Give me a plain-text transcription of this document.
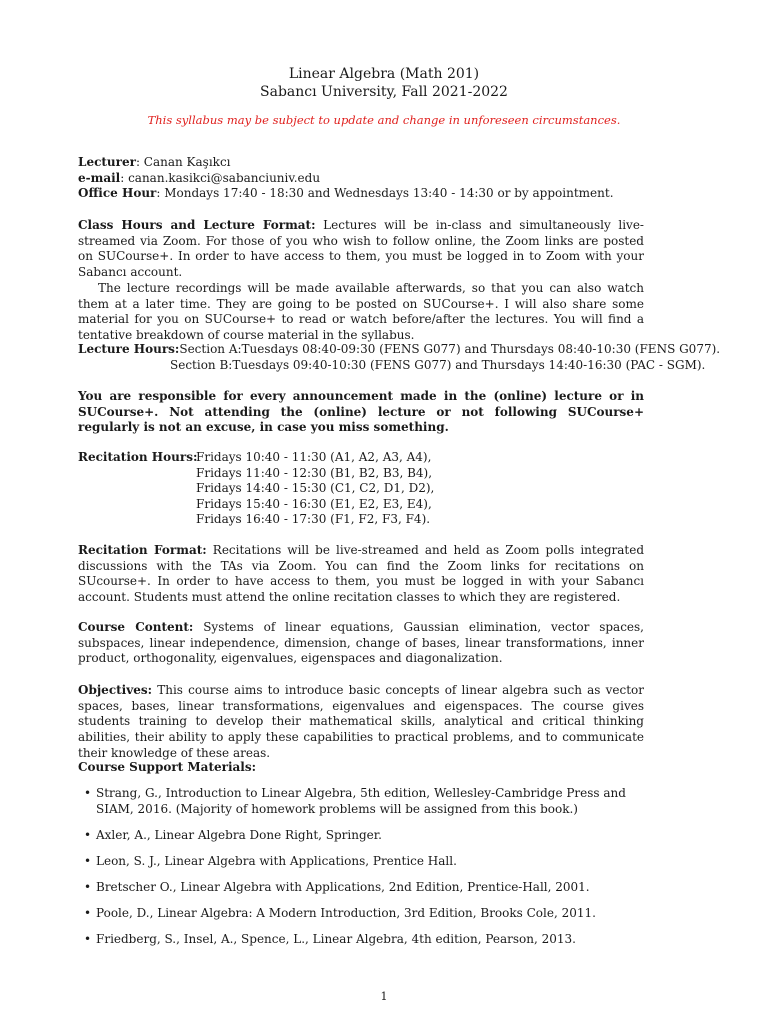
Linear Algebra (Math 201)
Sabancı University, Fall 2021-2022
This syllabus may be subject to update and change in unforeseen circumstances.
Lecturer: Canan Kaşıkcı
e-mail: canan.kasikci@sabanciuniv.edu
Office Hour: Mondays 17:40 - 18:30 and Wednesdays 13:40 - 14:30 or by appointment.
Class Hours and Lecture Format: Lectures will be in-class and simultaneously live-streamed via Zoom. For those of you who wish to follow online, the Zoom links are posted on SUCourse+. In order to have access to them, you must be logged in to Zoom with your Sabancı account.
The lecture recordings will be made available afterwards, so that you can also watch them at a later time. They are going to be posted on SUCourse+. I will also share some material for you on SUCourse+ to read or watch before/after the lectures. You will find a tentative breakdown of course material in the syllabus.
Lecture Hours:Section A:Tuesdays 08:40-09:30 (FENS G077) and Thursdays 08:40-10:30 (FENS G077).
Section B:Tuesdays 09:40-10:30 (FENS G077) and Thursdays 14:40-16:30 (PAC - SGM).
You are responsible for every announcement made in the (online) lecture or in SUCourse+. Not attending the (online) lecture or not following SUCourse+ regularly is not an excuse, in case you miss something.
Recitation Hours:
Fridays 10:40 - 11:30 (A1, A2, A3, A4),
Fridays 11:40 - 12:30 (B1, B2, B3, B4),
Fridays 14:40 - 15:30 (C1, C2, D1, D2),
Fridays 15:40 - 16:30 (E1, E2, E3, E4),
Fridays 16:40 - 17:30 (F1, F2, F3, F4).
Recitation Format: Recitations will be live-streamed and held as Zoom polls integrated discussions with the TAs via Zoom. You can find the Zoom links for recitations on SUcourse+. In order to have access to them, you must be logged in with your Sabancı account. Students must attend the online recitation classes to which they are registered.
Course Content: Systems of linear equations, Gaussian elimination, vector spaces, subspaces, linear independence, dimension, change of bases, linear transformations, inner product, orthogonality, eigenvalues, eigenspaces and diagonalization.
Objectives: This course aims to introduce basic concepts of linear algebra such as vector spaces, bases, linear transformations, eigenvalues and eigenspaces. The course gives students training to develop their mathematical skills, analytical and critical thinking abilities, their ability to apply these capabilities to practical problems, and to communicate their knowledge of these areas.
Course Support Materials:
• Strang, G., Introduction to Linear Algebra, 5th edition, Wellesley-Cambridge Press and SIAM, 2016. (Majority of homework problems will be assigned from this book.)
• Axler, A., Linear Algebra Done Right, Springer.
• Leon, S. J., Linear Algebra with Applications, Prentice Hall.
• Bretscher O., Linear Algebra with Applications, 2nd Edition, Prentice-Hall, 2001.
• Poole, D., Linear Algebra: A Modern Introduction, 3rd Edition, Brooks Cole, 2011.
• Friedberg, S., Insel, A., Spence, L., Linear Algebra, 4th edition, Pearson, 2013.
1
